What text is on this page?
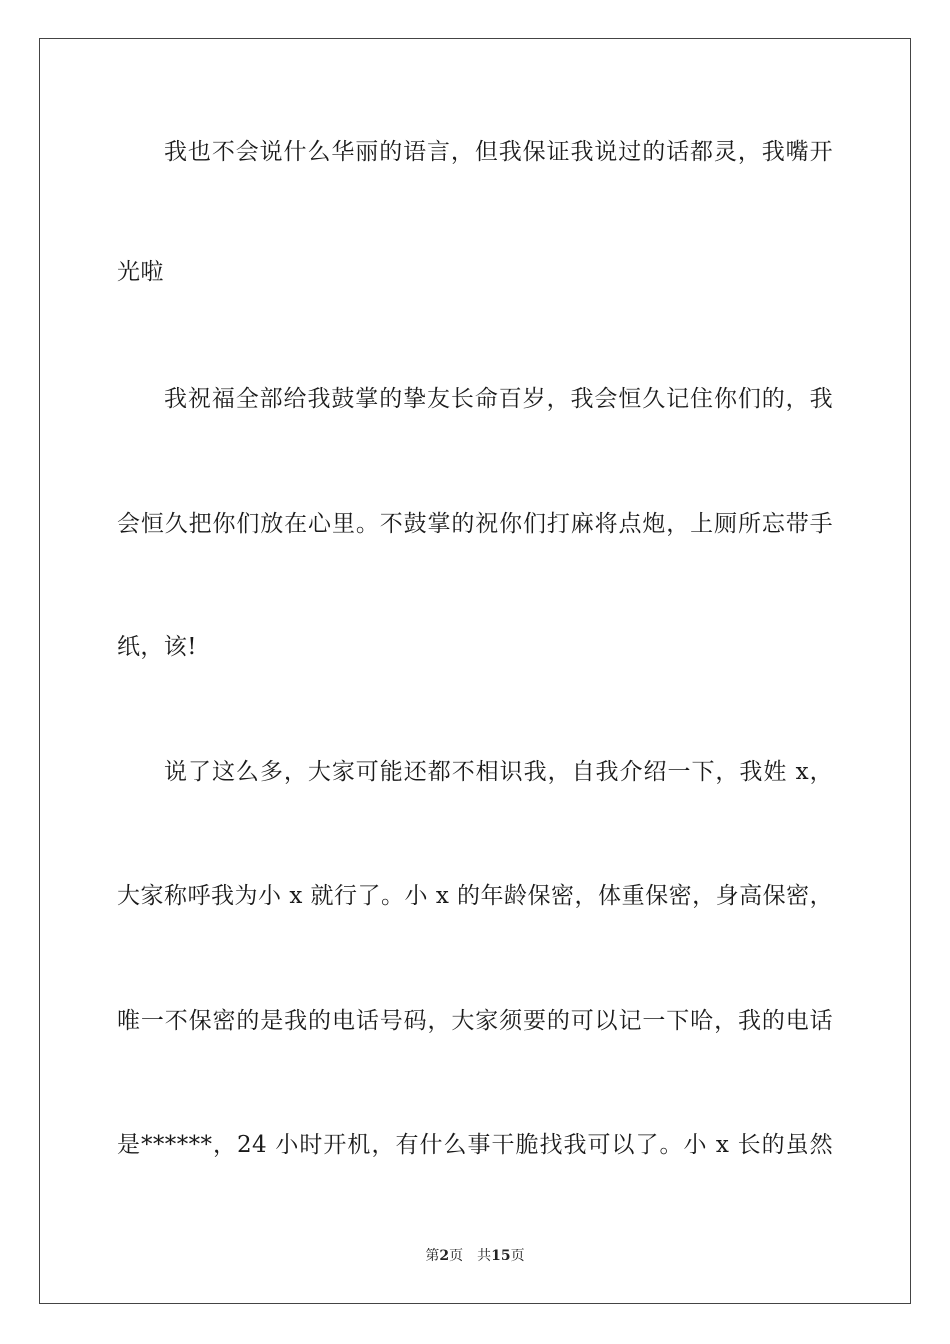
我也不会说什么华丽的语言，但我保证我说过的话都灵，我嘴开
光啦
我祝福全部给我鼓掌的挚友长命百岁，我会恒久记住你们的，我
会恒久把你们放在心里。不鼓掌的祝你们打麻将点炮，上厕所忘带手
纸，该!
说了这么多，大家可能还都不相识我，自我介绍一下，我姓 x，
大家称呼我为小 x 就行了。小 x 的年龄保密，体重保密，身高保密，
唯一不保密的是我的电话号码，大家须要的可以记一下哈，我的电话
是******，24 小时开机，有什么事干脆找我可以了。小 x 长的虽然
第2页 共15页
